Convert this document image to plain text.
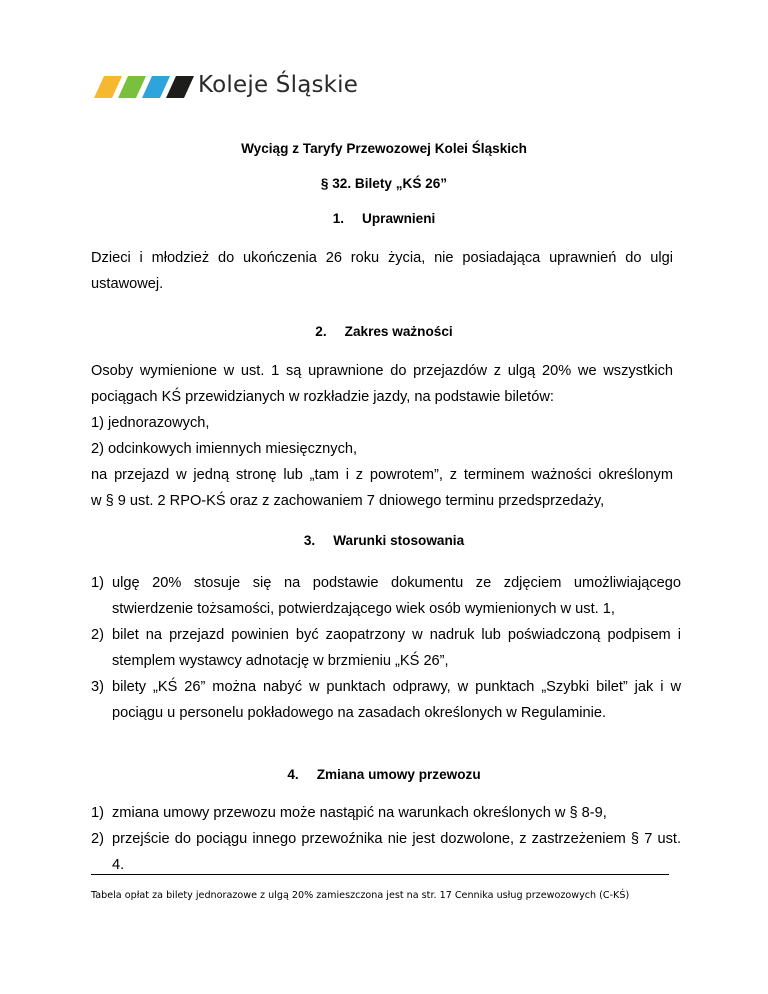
Koleje Śląskie
Wyciąg z Taryfy Przewozowej Kolei Śląskich
§ 32. Bilety „KŚ 26”
1. Uprawnieni
Dzieci i młodzież do ukończenia 26 roku życia, nie posiadająca uprawnień do ulgi ustawowej.
2. Zakres ważności
Osoby wymienione w ust. 1 są uprawnione do przejazdów z ulgą 20% we wszystkich
pociągach KŚ przewidzianych w rozkładzie jazdy, na podstawie biletów:
1) jednorazowych,
2) odcinkowych imiennych miesięcznych,
na przejazd w jedną stronę lub „tam i z powrotem”, z terminem ważności określonym
w § 9 ust. 2 RPO-KŚ oraz z zachowaniem 7 dniowego terminu przedsprzedaży,
3. Warunki stosowania
1) ulgę 20% stosuje się na podstawie dokumentu ze zdjęciem umożliwiającego stwierdzenie tożsamości, potwierdzającego wiek osób wymienionych w ust. 1,
2) bilet na przejazd powinien być zaopatrzony w nadruk lub poświadczoną podpisem i stemplem wystawcy adnotację w brzmieniu „KŚ 26”,
3) bilety „KŚ 26” można nabyć w punktach odprawy, w punktach „Szybki bilet” jak i w pociągu u personelu pokładowego na zasadach określonych w Regulaminie.
4. Zmiana umowy przewozu
1) zmiana umowy przewozu może nastąpić na warunkach określonych w § 8-9,
2) przejście do pociągu innego przewoźnika nie jest dozwolone, z zastrzeżeniem § 7 ust. 4.
Tabela opłat za bilety jednorazowe z ulgą 20% zamieszczona jest na str. 17 Cennika usług przewozowych (C-KŚ)
